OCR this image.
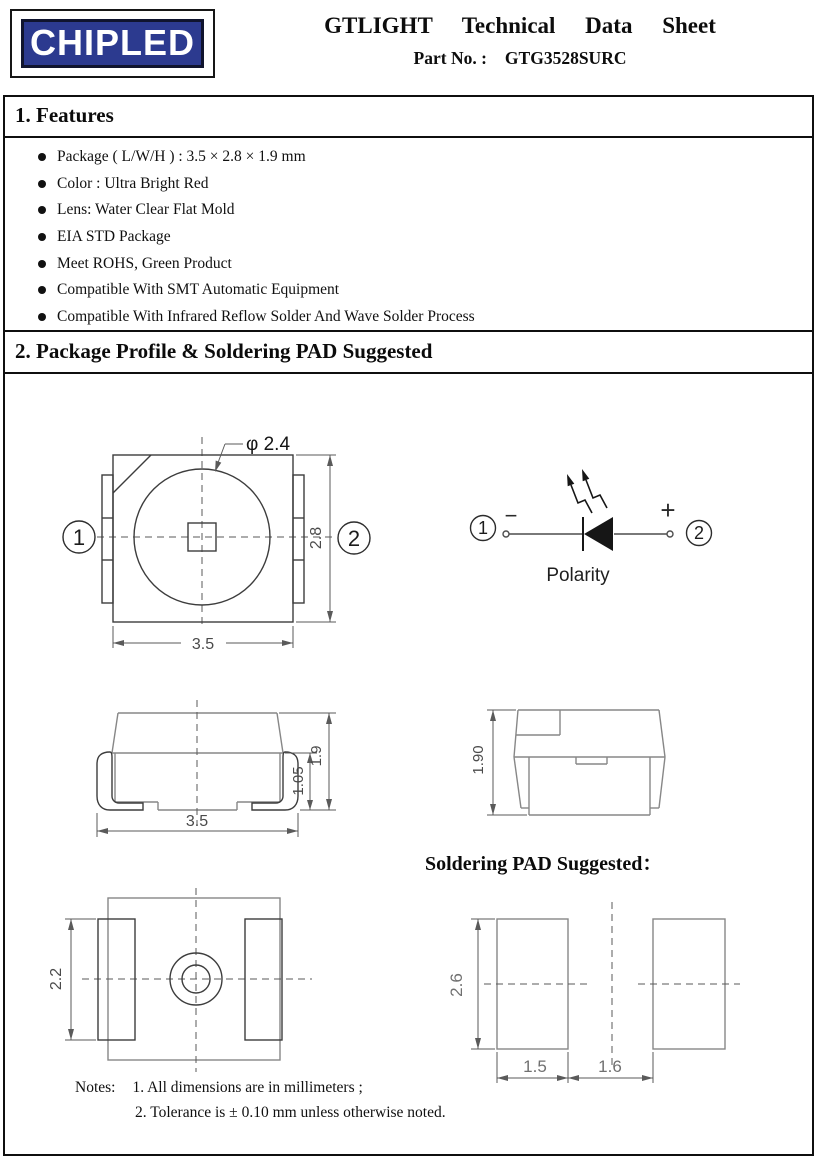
CHIPLED	GTLIGHT Technical Data Sheet
Part No. : GTG3528SURC
1. Features
Package ( L/W/H ) : 3.5 × 2.8 × 1.9 mm
Color : Ultra Bright Red
Lens: Water Clear Flat Mold
EIA STD Package
Meet ROHS, Green Product
Compatible With SMT Automatic Equipment
Compatible With Infrared Reflow Solder And Wave Solder Process
2. Package Profile & Soldering PAD Suggested
1	2
φ 2.4
2.8
3.5
−	+
1	2
Polarity
1.05
1.9
3.5
1.90
Soldering PAD Suggested：
2.2	2.6
1.5	1.6
Notes: 1. All dimensions are in millimeters ;
2. Tolerance is ± 0.10 mm unless otherwise noted.
